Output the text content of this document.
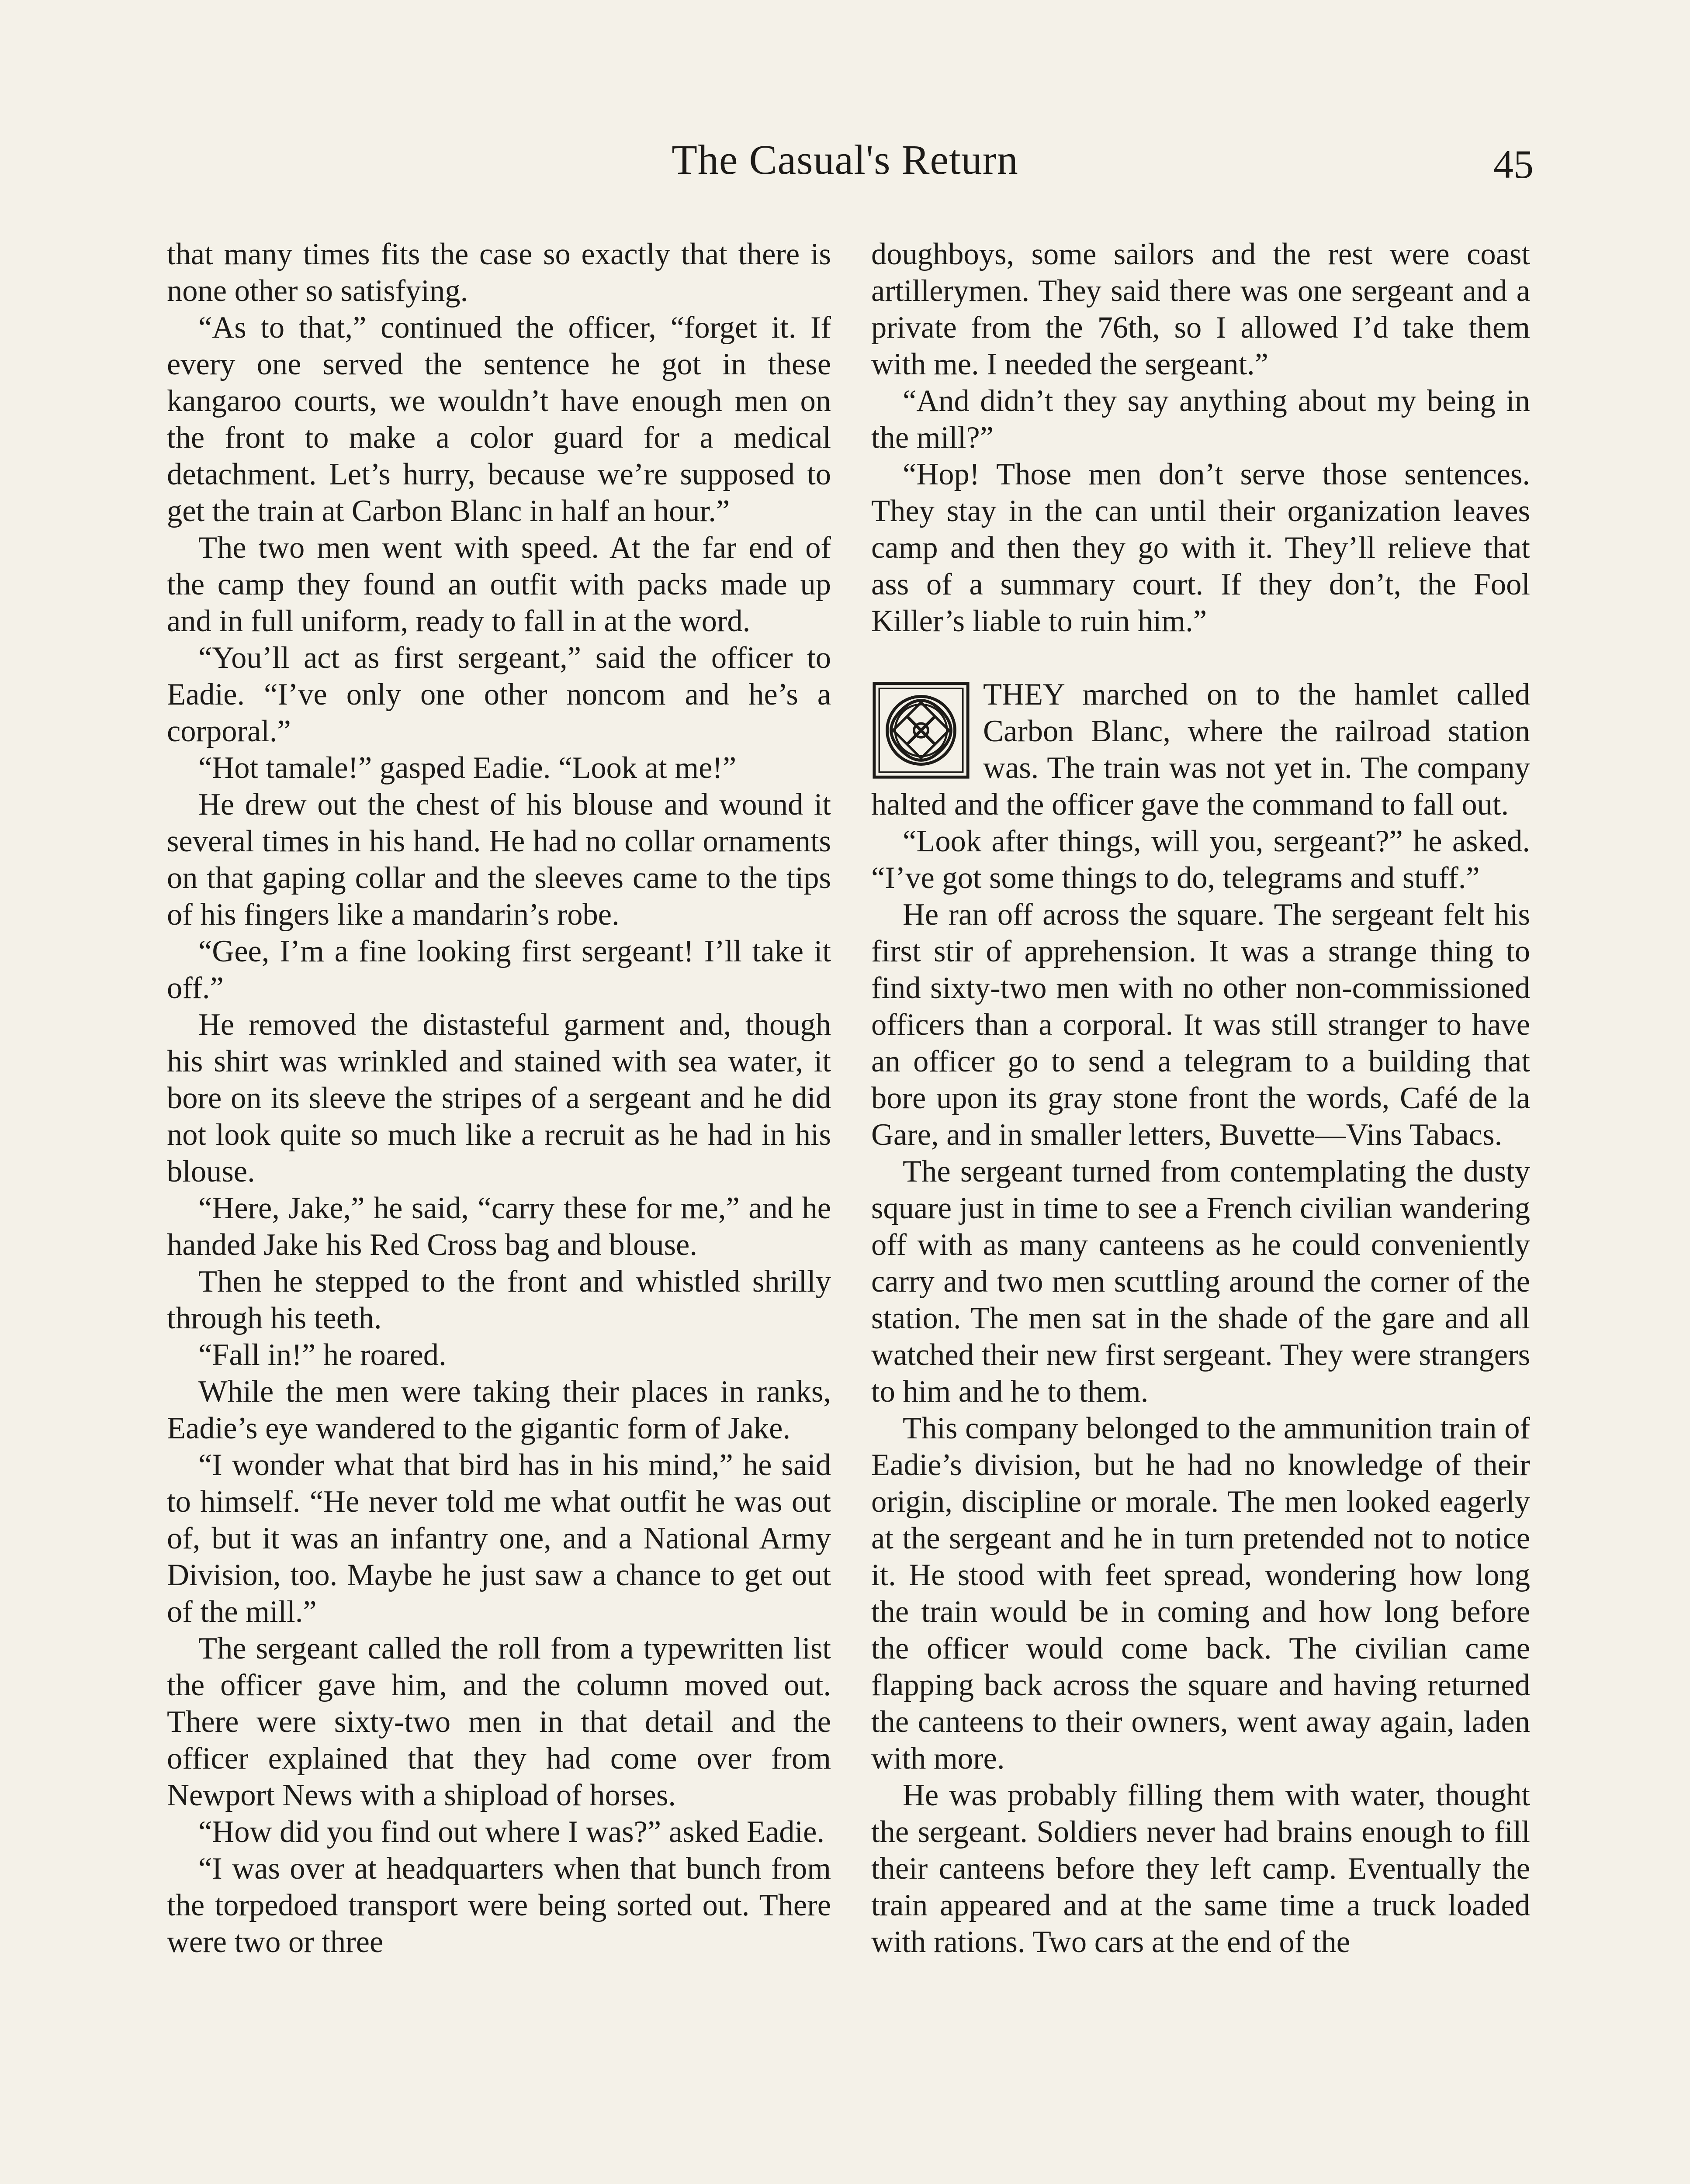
The Casual's Return	45

that many times fits the case so exactly that there is none other so satisfying.

“As to that,” continued the officer, “forget it. If every one served the sentence he got in these kangaroo courts, we wouldn’t have enough men on the front to make a color guard for a medical detachment. Let’s hurry, because we’re supposed to get the train at Carbon Blanc in half an hour.”

The two men went with speed. At the far end of the camp they found an outfit with packs made up and in full uniform, ready to fall in at the word.

“You’ll act as first sergeant,” said the officer to Eadie. “I’ve only one other noncom and he’s a corporal.”

“Hot tamale!” gasped Eadie. “Look at me!”

He drew out the chest of his blouse and wound it several times in his hand. He had no collar ornaments on that gaping collar and the sleeves came to the tips of his fingers like a mandarin’s robe.

“Gee, I’m a fine looking first sergeant! I’ll take it off.”

He removed the distasteful garment and, though his shirt was wrinkled and stained with sea water, it bore on its sleeve the stripes of a sergeant and he did not look quite so much like a recruit as he had in his blouse.

“Here, Jake,” he said, “carry these for me,” and he handed Jake his Red Cross bag and blouse.

Then he stepped to the front and whistled shrilly through his teeth.

“Fall in!” he roared.

While the men were taking their places in ranks, Eadie’s eye wandered to the gigantic form of Jake.

“I wonder what that bird has in his mind,” he said to himself. “He never told me what outfit he was out of, but it was an infantry one, and a National Army Division, too. Maybe he just saw a chance to get out of the mill.”

The sergeant called the roll from a typewritten list the officer gave him, and the column moved out. There were sixty-two men in that detail and the officer explained that they had come over from Newport News with a shipload of horses.

“How did you find out where I was?” asked Eadie.

“I was over at headquarters when that bunch from the torpedoed transport were being sorted out. There were two or three

doughboys, some sailors and the rest were coast artillerymen. They said there was one sergeant and a private from the 76th, so I allowed I’d take them with me. I needed the sergeant.”

“And didn’t they say anything about my being in the mill?”

“Hop! Those men don’t serve those sentences. They stay in the can until their organization leaves camp and then they go with it. They’ll relieve that ass of a summary court. If they don’t, the Fool Killer’s liable to ruin him.”

THEY marched on to the hamlet called Carbon Blanc, where the railroad station was. The train was not yet in. The company halted and the officer gave the command to fall out.

“Look after things, will you, sergeant?” he asked. “I’ve got some things to do, telegrams and stuff.”

He ran off across the square. The sergeant felt his first stir of apprehension. It was a strange thing to find sixty-two men with no other non-commissioned officers than a corporal. It was still stranger to have an officer go to send a telegram to a building that bore upon its gray stone front the words, Café de la Gare, and in smaller letters, Buvette—Vins Tabacs.

The sergeant turned from contemplating the dusty square just in time to see a French civilian wandering off with as many canteens as he could conveniently carry and two men scuttling around the corner of the station. The men sat in the shade of the gare and all watched their new first sergeant. They were strangers to him and he to them.

This company belonged to the ammunition train of Eadie’s division, but he had no knowledge of their origin, discipline or morale. The men looked eagerly at the sergeant and he in turn pretended not to notice it. He stood with feet spread, wondering how long the train would be in coming and how long before the officer would come back. The civilian came flapping back across the square and having returned the canteens to their owners, went away again, laden with more.

He was probably filling them with water, thought the sergeant. Soldiers never had brains enough to fill their canteens before they left camp. Eventually the train appeared and at the same time a truck loaded with rations. Two cars at the end of the
